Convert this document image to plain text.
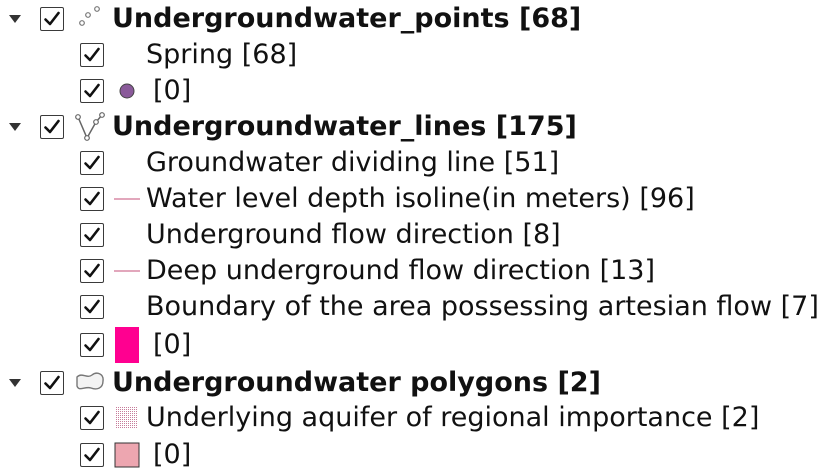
Undergroundwater_points [68]
Spring [68]
[0]
Undergroundwater_lines [175]
Groundwater dividing line [51]
Water level depth isoline(in meters) [96]
Underground flow direction [8]
Deep underground flow direction [13]
Boundary of the area possessing artesian flow [7]
[0]
Undergroundwater polygons [2]
Underlying aquifer of regional importance [2]
[0]
